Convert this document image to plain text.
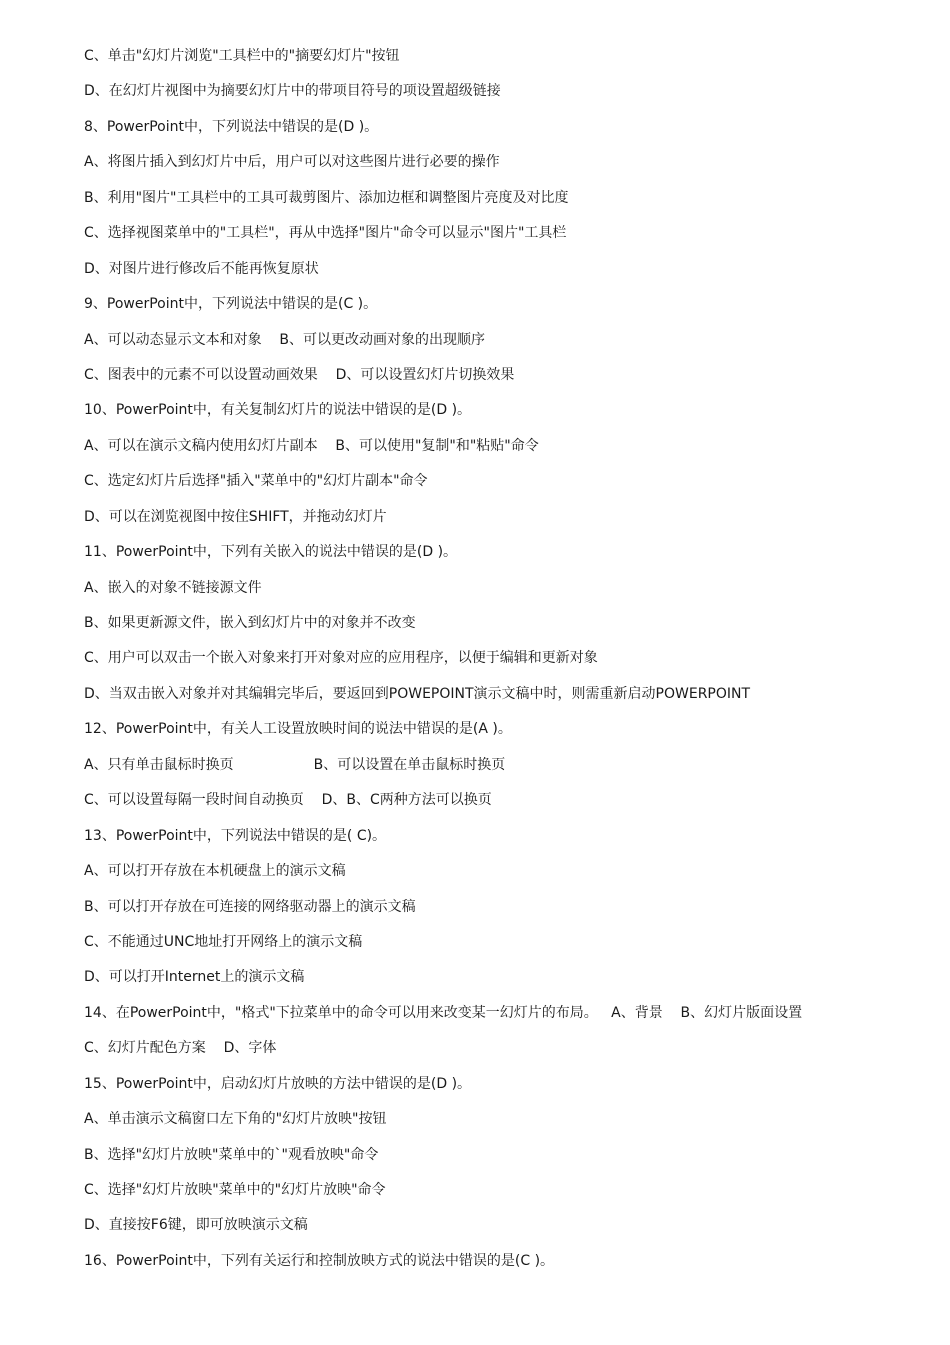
C、单击"幻灯片浏览"工具栏中的"摘要幻灯片"按钮
D、在幻灯片视图中为摘要幻灯片中的带项目符号的项设置超级链接
8、PowerPoint中，下列说法中错误的是(D )。
A、将图片插入到幻灯片中后，用户可以对这些图片进行必要的操作
B、利用"图片"工具栏中的工具可裁剪图片、添加边框和调整图片亮度及对比度
C、选择视图菜单中的"工具栏"，再从中选择"图片"命令可以显示"图片"工具栏
D、对图片进行修改后不能再恢复原状
9、PowerPoint中，下列说法中错误的是(C )。
A、可以动态显示文本和对象    B、可以更改动画对象的出现顺序
C、图表中的元素不可以设置动画效果    D、可以设置幻灯片切换效果
10、PowerPoint中，有关复制幻灯片的说法中错误的是(D )。
A、可以在演示文稿内使用幻灯片副本    B、可以使用"复制"和"粘贴"命令
C、选定幻灯片后选择"插入"菜单中的"幻灯片副本"命令
D、可以在浏览视图中按住SHIFT，并拖动幻灯片
11、PowerPoint中，下列有关嵌入的说法中错误的是(D )。
A、嵌入的对象不链接源文件
B、如果更新源文件，嵌入到幻灯片中的对象并不改变
C、用户可以双击一个嵌入对象来打开对象对应的应用程序，以便于编辑和更新对象
D、当双击嵌入对象并对其编辑完毕后，要返回到POWEPOINT演示文稿中时，则需重新启动POWERPOINT
12、PowerPoint中，有关人工设置放映时间的说法中错误的是(A )。
A、只有单击鼠标时换页                  B、可以设置在单击鼠标时换页
C、可以设置每隔一段时间自动换页    D、B、C两种方法可以换页
13、PowerPoint中，下列说法中错误的是( C)。
A、可以打开存放在本机硬盘上的演示文稿
B、可以打开存放在可连接的网络驱动器上的演示文稿
C、不能通过UNC地址打开网络上的演示文稿
D、可以打开Internet上的演示文稿
14、在PowerPoint中，"格式"下拉菜单中的命令可以用来改变某一幻灯片的布局。   A、背景    B、幻灯片版面设置
C、幻灯片配色方案    D、字体
15、PowerPoint中，启动幻灯片放映的方法中错误的是(D )。
A、单击演示文稿窗口左下角的"幻灯片放映"按钮
B、选择"幻灯片放映"菜单中的`"观看放映"命令
C、选择"幻灯片放映"菜单中的"幻灯片放映"命令
D、直接按F6键，即可放映演示文稿
16、PowerPoint中，下列有关运行和控制放映方式的说法中错误的是(C )。
